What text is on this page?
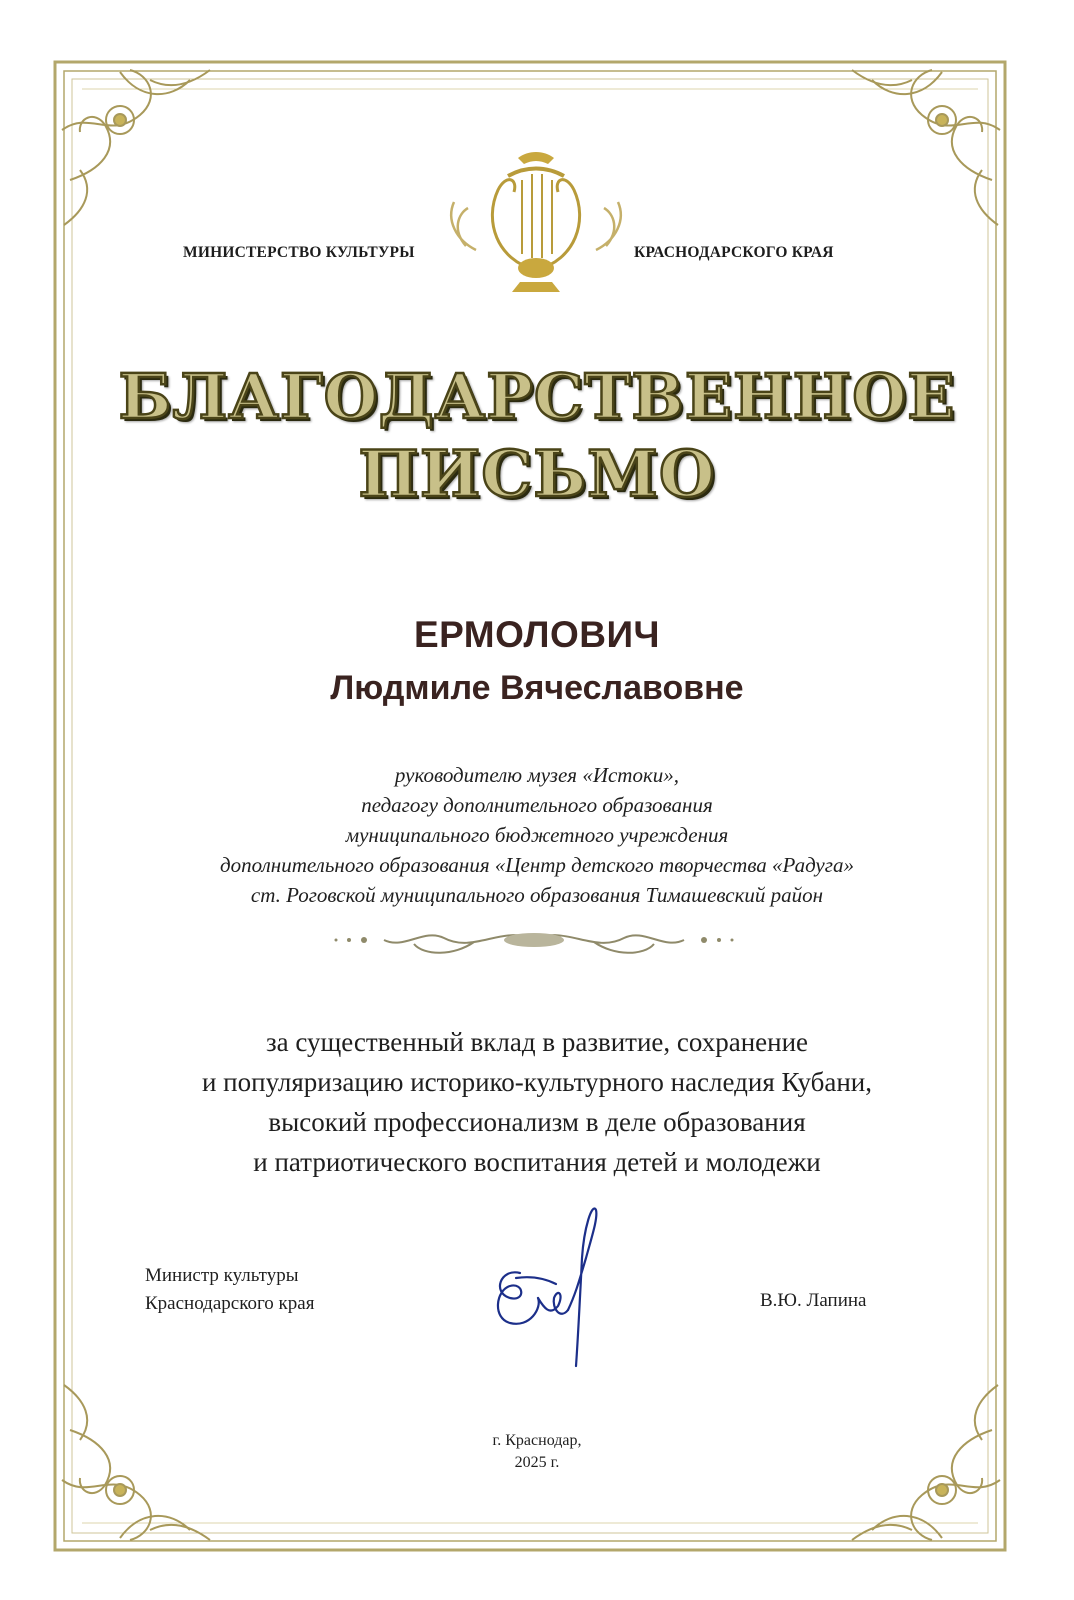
МИНИСТЕРСТВО КУЛЬТУРЫ	КРАСНОДАРСКОГО КРАЯ
БЛАГОДАРСТВЕННОЕ
ПИСЬМО
ЕРМОЛОВИЧ
Людмиле Вячеславовне
руководителю музея «Истоки»,
педагогу дополнительного образования
муниципального бюджетного учреждения
дополнительного образования «Центр детского творчества «Радуга»
ст. Роговской муниципального образования Тимашевский район
за существенный вклад в развитие, сохранение
и популяризацию историко-культурного наследия Кубани,
высокий профессионализм в деле образования
и патриотического воспитания детей и молодежи
Министр культуры
Краснодарского края	В.Ю. Лапина
г. Краснодар,
2025 г.
